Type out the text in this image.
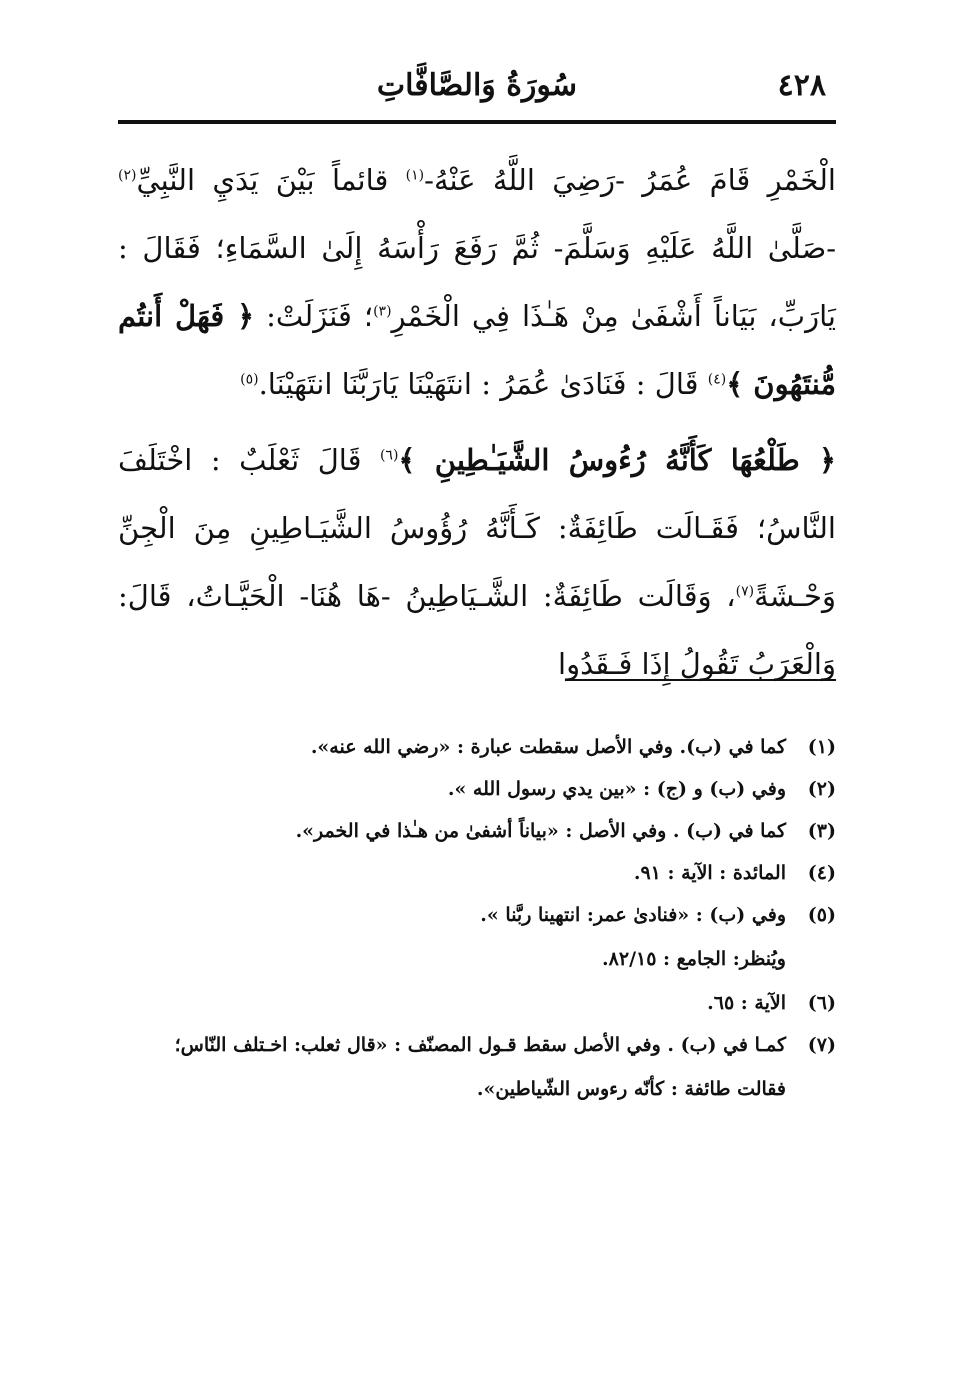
٤٢٨
سُورَةُ وَالصَّافَّاتِ

الْخَمْرِ قَامَ عُمَرُ -رَضِيَ اللَّهُ عَنْهُ-$^{(١)}$ قائماً بَيْنَ يَدَيِ النَّبِيِّ$^{(٢)}$ -صَلَّىٰ اللَّهُ عَلَيْهِ وَسَلَّمَ- ثُمَّ رَفَعَ رَأْسَهُ إِلَىٰ السَّمَاءِ؛ فَقَالَ : يَارَبِّ، بَيَاناً أَشْفَىٰ مِنْ هَـٰذَا فِي الْخَمْرِ$^{(٣)}$؛ فَنَزَلَتْ: ﴿ فَهَلْ أَنتُم مُّنتَهُونَ ﴾$^{(٤)}$ قَالَ : فَنَادَىٰ عُمَرُ : انتَهَيْنَا يَارَبَّنَا انتَهَيْنَا.$^{(٥)}$

﴿ طَلْعُهَا كَأَنَّهُ رُءُوسُ الشَّيَـٰطِينِ ﴾$^{(٦)}$ قَالَ ثَعْلَبٌ : اخْتَلَفَ النَّاسُ؛ فَقَـالَت طَائِفَةٌ: كَـأَنَّهُ رُؤُوسُ الشَّيَـاطِينِ مِنَ الْجِنِّ وَحْـشَةً$^{(٧)}$، وَقَالَت طَائِفَةٌ: الشَّـيَاطِينُ -هَا هُنَا- الْحَيَّـاتُ، قَالَ: وَالْعَرَبُ تَقُولُ إِذَا فَـقَدُوا

(١)
كما في (ب). وفي الأصل سقطت عبارة : «رضي الله عنه».
(٢)
وفي (ب) و (ج) : «بين يدي رسول الله ».
(٣)
كما في (ب) . وفي الأصل : «بياناً أشفىٰ من هـٰذا في الخمر».
(٤)
المائدة : الآية : ٩١.
(٥)
وفي (ب) : «فنادىٰ عمر: انتهينا ربَّنا ».
ويُنظر: الجامع : ٨٢/١٥.
(٦)
الآية : ٦٥.
(٧)
كمـا في (ب) . وفي الأصل سقط قـول المصنّف : «قال ثعلب: اخـتلف النّاس؛
فقالت طائفة : كأنّه رءوس الشّياطين».
